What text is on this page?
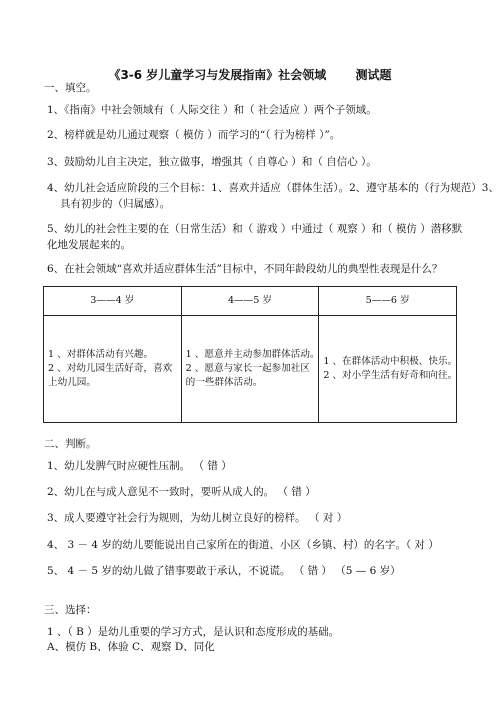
《3-6 岁儿童学习与发展指南》社会领域       测试题
一、填空。
1、《指南》中社会领域有（ 人际交往 ）和（ 社会适应 ）两个子领域。
2、榜样就是幼儿通过观察（ 模仿 ）而学习的“（ 行为榜样 ）”。
3、鼓励幼儿自主决定，独立做事，增强其（ 自尊心 ）和（ 自信心 ）。
4、幼儿社会适应阶段的三个目标：1、喜欢并适应（群体生活）。2、遵守基本的（行为规范）3、
具有初步的（归属感）。
5、幼儿的社会性主要的在（日常生活）和（ 游戏 ）中通过（ 观察 ）和（ 模仿 ）潜移默
化地发展起来的。
6、在社会领域“喜欢并适应群体生活”目标中，不同年龄段幼儿的典型性表现是什么？
3——4 岁	4——5 岁	5——6 岁

1 、对群体活动有兴趣。
2 、对幼儿园生活好奇，喜欢
上幼儿园。	1 、愿意并主动参加群体活动。
2 、愿意与家长一起参加社区
的一些群体活动。	1 、在群体活动中积极、快乐。
2 、对小学生活有好奇和向往。
二、判断。
1、幼儿发脾气时应硬性压制。 （ 错 ）
2、幼儿在与成人意见不一致时，要听从成人的。 （ 错 ）
3、成人要遵守社会行为规则，为幼儿树立良好的榜样。 （ 对 ）
4、 3 － 4 岁的幼儿要能说出自己家所在的街道、小区（乡镇、村）的名字。（ 对 ）
5、 4 － 5 岁的幼儿做了错事要敢于承认，不说谎。 （ 错 ） （5 — 6 岁）
三、选择：
1 、（ B ）是幼儿重要的学习方式，是认识和态度形成的基础。
A、模仿 B、体验 C、观察 D、同化
